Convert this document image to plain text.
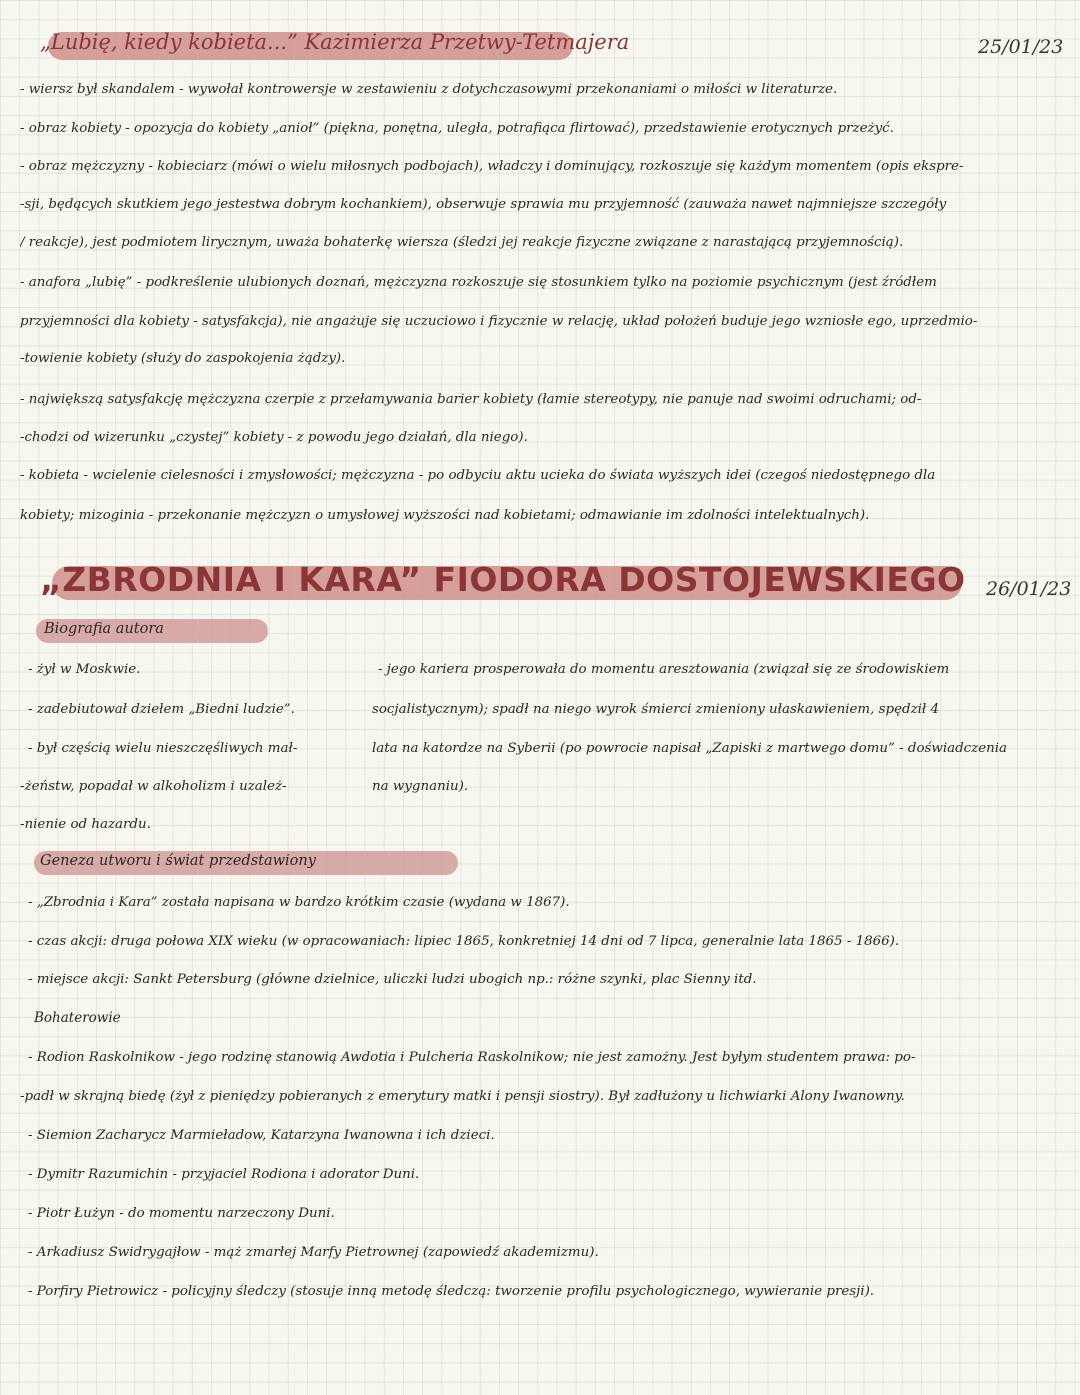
„Lubię, kiedy kobieta...” Kazimierza Przetwy-Tetmajera	25/01/23
- wiersz był skandalem - wywołał kontrowersje w zestawieniu z dotychczasowymi przekonaniami o miłości w literaturze.
- obraz kobiety - opozycja do kobiety „anioł” (piękna, ponętna, uległa, potrafiąca flirtować), przedstawienie erotycznych przeżyć.
- obraz mężczyzny - kobieciarz (mówi o wielu miłosnych podbojach), władczy i dominujący, rozkoszuje się każdym momentem (opis ekspre-
-sji, będących skutkiem jego jestestwa dobrym kochankiem), obserwuje sprawia mu przyjemność (zauważa nawet najmniejsze szczegóły
/ reakcje), jest podmiotem lirycznym, uważa bohaterkę wiersza (śledzi jej reakcje fizyczne związane z narastającą przyjemnością).
- anafora „lubię” - podkreślenie ulubionych doznań, mężczyzna rozkoszuje się stosunkiem tylko na poziomie psychicznym (jest źródłem
przyjemności dla kobiety - satysfakcja), nie angażuje się uczuciowo i fizycznie w relację, układ położeń buduje jego wzniosłe ego, uprzedmio-
-towienie kobiety (służy do zaspokojenia żądzy).
- największą satysfakcję mężczyzna czerpie z przełamywania barier kobiety (łamie stereotypy, nie panuje nad swoimi odruchami; od-
-chodzi od wizerunku „czystej” kobiety - z powodu jego działań, dla niego).
- kobieta - wcielenie cielesności i zmysłowości; mężczyzna - po odbyciu aktu ucieka do świata wyższych idei (czegoś niedostępnego dla
kobiety; mizoginia - przekonanie mężczyzn o umysłowej wyższości nad kobietami; odmawianie im zdolności intelektualnych).
„ZBRODNIA I KARA” FIODORA DOSTOJEWSKIEGO 26/01/23
Biografia autora
- żył w Moskwie.
- zadebiutował dziełem „Biedni ludzie”.
- był częścią wielu nieszczęśliwych mał-
-żeństw, popadał w alkoholizm i uzależ-
-nienie od hazardu.
- jego kariera prosperowała do momentu aresztowania (związał się ze środowiskiem
socjalistycznym); spadł na niego wyrok śmierci zmieniony ułaskawieniem, spędził 4
lata na katordze na Syberii (po powrocie napisał „Zapiski z martwego domu” - doświadczenia
na wygnaniu).
Geneza utworu i świat przedstawiony
- „Zbrodnia i Kara” została napisana w bardzo krótkim czasie (wydana w 1867).
- czas akcji: druga połowa XIX wieku (w opracowaniach: lipiec 1865, konkretniej 14 dni od 7 lipca, generalnie lata 1865 - 1866).
- miejsce akcji: Sankt Petersburg (główne dzielnice, uliczki ludzi ubogich np.: różne szynki, plac Sienny itd.
Bohaterowie
- Rodion Raskolnikow - jego rodzinę stanowią Awdotia i Pulcheria Raskolnikow; nie jest zamożny. Jest byłym studentem prawa: po-
-padł w skrajną biedę (żył z pieniędzy pobieranych z emerytury matki i pensji siostry). Był zadłużony u lichwiarki Alony Iwanowny.
- Siemion Zacharycz Marmieładow, Katarzyna Iwanowna i ich dzieci.
- Dymitr Razumichin - przyjaciel Rodiona i adorator Duni.
- Piotr Łużyn - do momentu narzeczony Duni.
- Arkadiusz Swidrygajłow - mąż zmarłej Marfy Pietrownej (zapowiedź akademizmu).
- Porfiry Pietrowicz - policyjny śledczy (stosuje inną metodę śledczą: tworzenie profilu psychologicznego, wywieranie presji).
